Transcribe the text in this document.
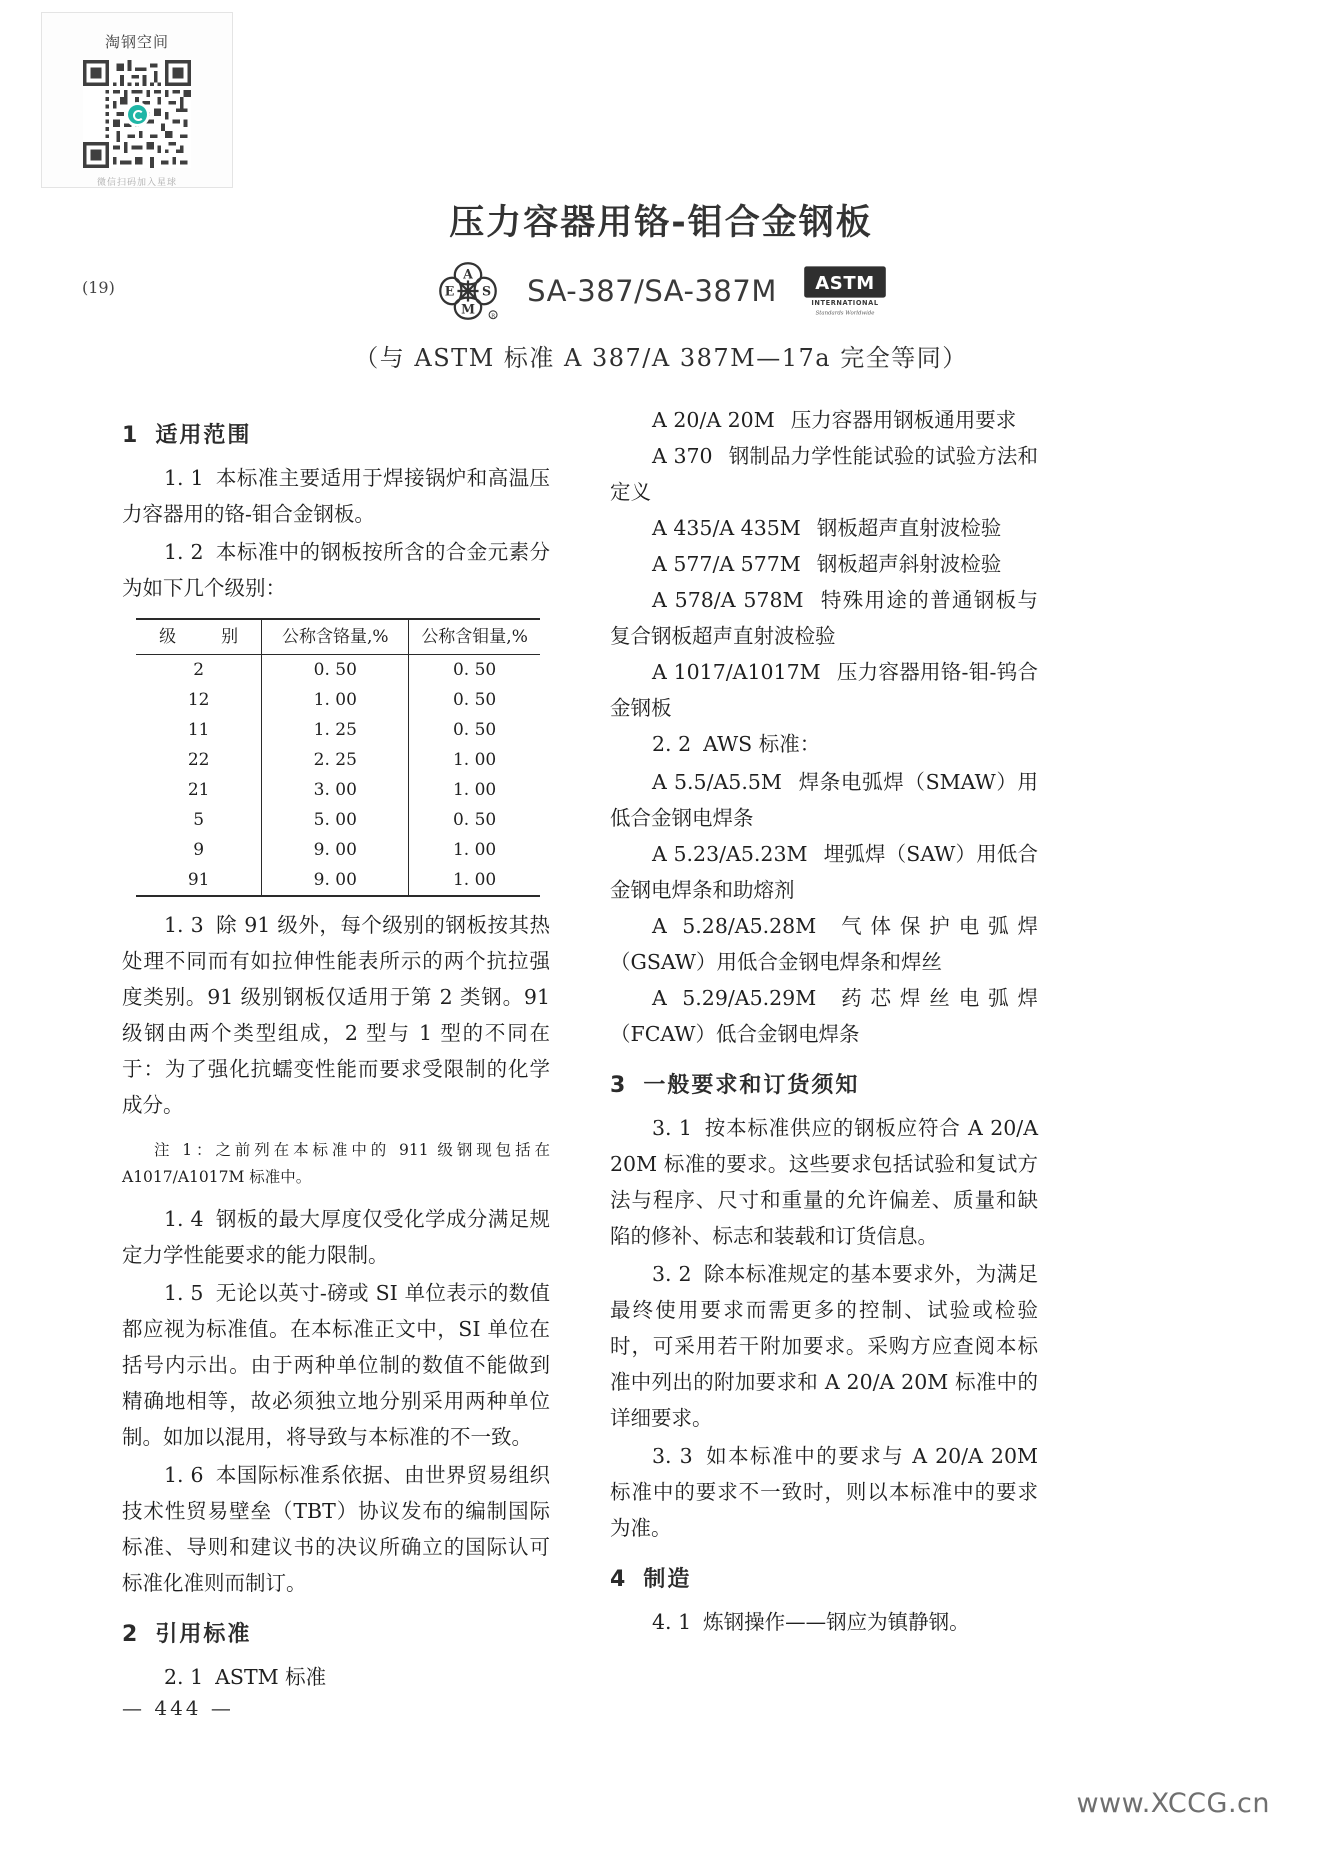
淘钢空间
微信扫码加入星球
(19)
压力容器用铬-钼合金钢板
A
E S
M R
SA-387/SA-387M ASTM
INTERNATIONAL
Standards Worldwide
（与 ASTM 标准 A 387/A 387M—17a 完全等同）
1 适用范围

1. 1 本标准主要适用于焊接锅炉和高温压力容器用的铬-钼合金钢板。

1. 2 本标准中的钢板按所含的合金元素分为如下几个级别：

级　别	公称含铬量,%	公称含钼量,%
2	0. 50	0. 50
12	1. 00	0. 50
11	1. 25	0. 50
22	2. 25	1. 00
21	3. 00	1. 00
5	5. 00	0. 50
9	9. 00	1. 00
91	9. 00	1. 00

1. 3 除 91 级外，每个级别的钢板按其热处理不同而有如拉伸性能表所示的两个抗拉强度类别。91 级别钢板仅适用于第 2 类钢。91 级钢由两个类型组成，2 型与 1 型的不同在于：为了强化抗蠕变性能而要求受限制的化学成分。

注 1：之前列在本标准中的 911 级钢现包括在 A1017/A1017M 标准中。

1. 4 钢板的最大厚度仅受化学成分满足规定力学性能要求的能力限制。

1. 5 无论以英寸-磅或 SI 单位表示的数值都应视为标准值。在本标准正文中，SI 单位在括号内示出。由于两种单位制的数值不能做到精确地相等，故必须独立地分别采用两种单位制。如加以混用，将导致与本标准的不一致。

1. 6 本国际标准系依据、由世界贸易组织技术性贸易壁垒（TBT）协议发布的编制国际标准、导则和建议书的决议所确立的国际认可标准化准则而制订。

2 引用标准

2. 1 ASTM 标准

A 20/A 20M 压力容器用钢板通用要求

A 370 钢制品力学性能试验的试验方法和定义

A 435/A 435M 钢板超声直射波检验

A 577/A 577M 钢板超声斜射波检验

A 578/A 578M 特殊用途的普通钢板与复合钢板超声直射波检验

A 1017/A1017M 压力容器用铬-钼-钨合金钢板

2. 2 AWS 标准：

A 5.5/A5.5M 焊条电弧焊（SMAW）用低合金钢电焊条

A 5.23/A5.23M 埋弧焊（SAW）用低合金钢电焊条和助熔剂

A 5.28/A5.28M 气体保护电弧焊（GSAW）用低合金钢电焊条和焊丝

A 5.29/A5.29M 药芯焊丝电弧焊（FCAW）低合金钢电焊条

3 一般要求和订货须知

3. 1 按本标准供应的钢板应符合 A 20/A 20M 标准的要求。这些要求包括试验和复试方法与程序、尺寸和重量的允许偏差、质量和缺陷的修补、标志和装载和订货信息。

3. 2 除本标准规定的基本要求外，为满足最终使用要求而需更多的控制、试验或检验时，可采用若干附加要求。采购方应查阅本标准中列出的附加要求和 A 20/A 20M 标准中的详细要求。

3. 3 如本标准中的要求与 A 20/A 20M 标准中的要求不一致时，则以本标准中的要求为准。

4 制造

4. 1 炼钢操作——钢应为镇静钢。

— 444 —
www.XCCG.cn
